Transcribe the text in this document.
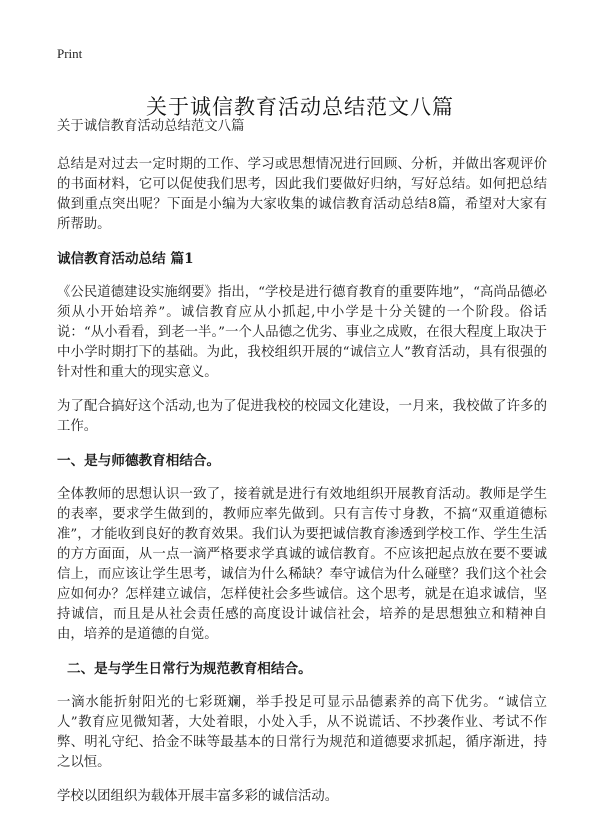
Print
关于诚信教育活动总结范文八篇

关于诚信教育活动总结范文八篇

总结是对过去一定时期的工作、学习或思想情况进行回顾、分析，并做出客观评价的书面材料，它可以促使我们思考，因此我们要做好归纳，写好总结。如何把总结做到重点突出呢？下面是小编为大家收集的诚信教育活动总结8篇，希望对大家有所帮助。

诚信教育活动总结 篇1

《公民道德建设实施纲要》指出，“学校是进行德育教育的重要阵地”，“高尚品德必须从小开始培养”。诚信教育应从小抓起,中小学是十分关键的一个阶段。俗话说：“从小看看，到老一半。”一个人品德之优劣、事业之成败，在很大程度上取决于中小学时期打下的基础。为此，我校组织开展的“诚信立人”教育活动，具有很强的针对性和重大的现实意义。

为了配合搞好这个活动,也为了促进我校的校园文化建设，一月来，我校做了许多的工作。

一、是与师德教育相结合。

全体教师的思想认识一致了，接着就是进行有效地组织开展教育活动。教师是学生的表率，要求学生做到的，教师应率先做到。只有言传寸身教，不搞“双重道德标准”，才能收到良好的教育效果。我们认为要把诚信教育渗透到学校工作、学生生活的方方面面，从一点一滴严格要求学真诚的诚信教育。不应该把起点放在要不要诚信上，而应该让学生思考，诚信为什么稀缺？奉守诚信为什么碰壁？我们这个社会应如何办？怎样建立诚信，怎样使社会多些诚信。这个思考，就是在追求诚信，坚持诚信，而且是从社会责任感的高度设计诚信社会，培养的是思想独立和精神自由，培养的是道德的自觉。

二、是与学生日常行为规范教育相结合。

一滴水能折射阳光的七彩斑斓，举手投足可显示品德素养的高下优劣。“诚信立人”教育应见微知著，大处着眼，小处入手，从不说谎话、不抄袭作业、考试不作弊、明礼守纪、拾金不昧等最基本的日常行为规范和道德要求抓起，循序渐进，持之以恒。

学校以团组织为载体开展丰富多彩的诚信活动。
